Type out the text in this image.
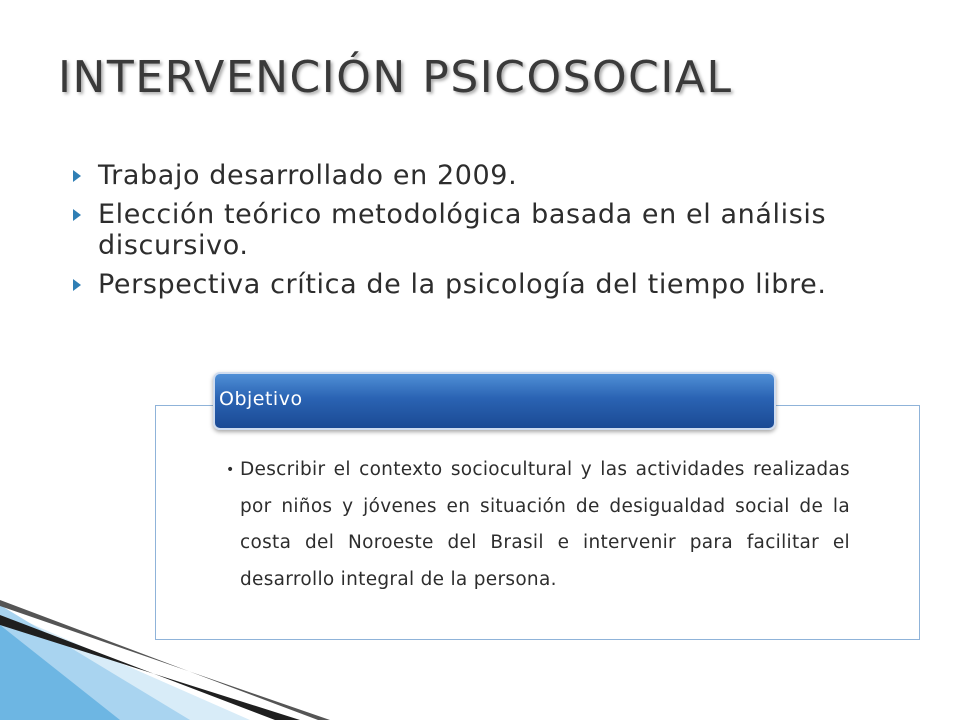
INTERVENCIÓN PSICOSOCIAL
Trabajo desarrollado en 2009.
Elección teórico metodológica basada en el análisis discursivo.
Perspectiva crítica de la psicología del tiempo libre.
Objetivo
• Describir el contexto sociocultural y las actividades realizadas por niños y jóvenes en situación de desigualdad social de la costa del Noroeste del Brasil e intervenir para facilitar el desarrollo integral de la persona.
